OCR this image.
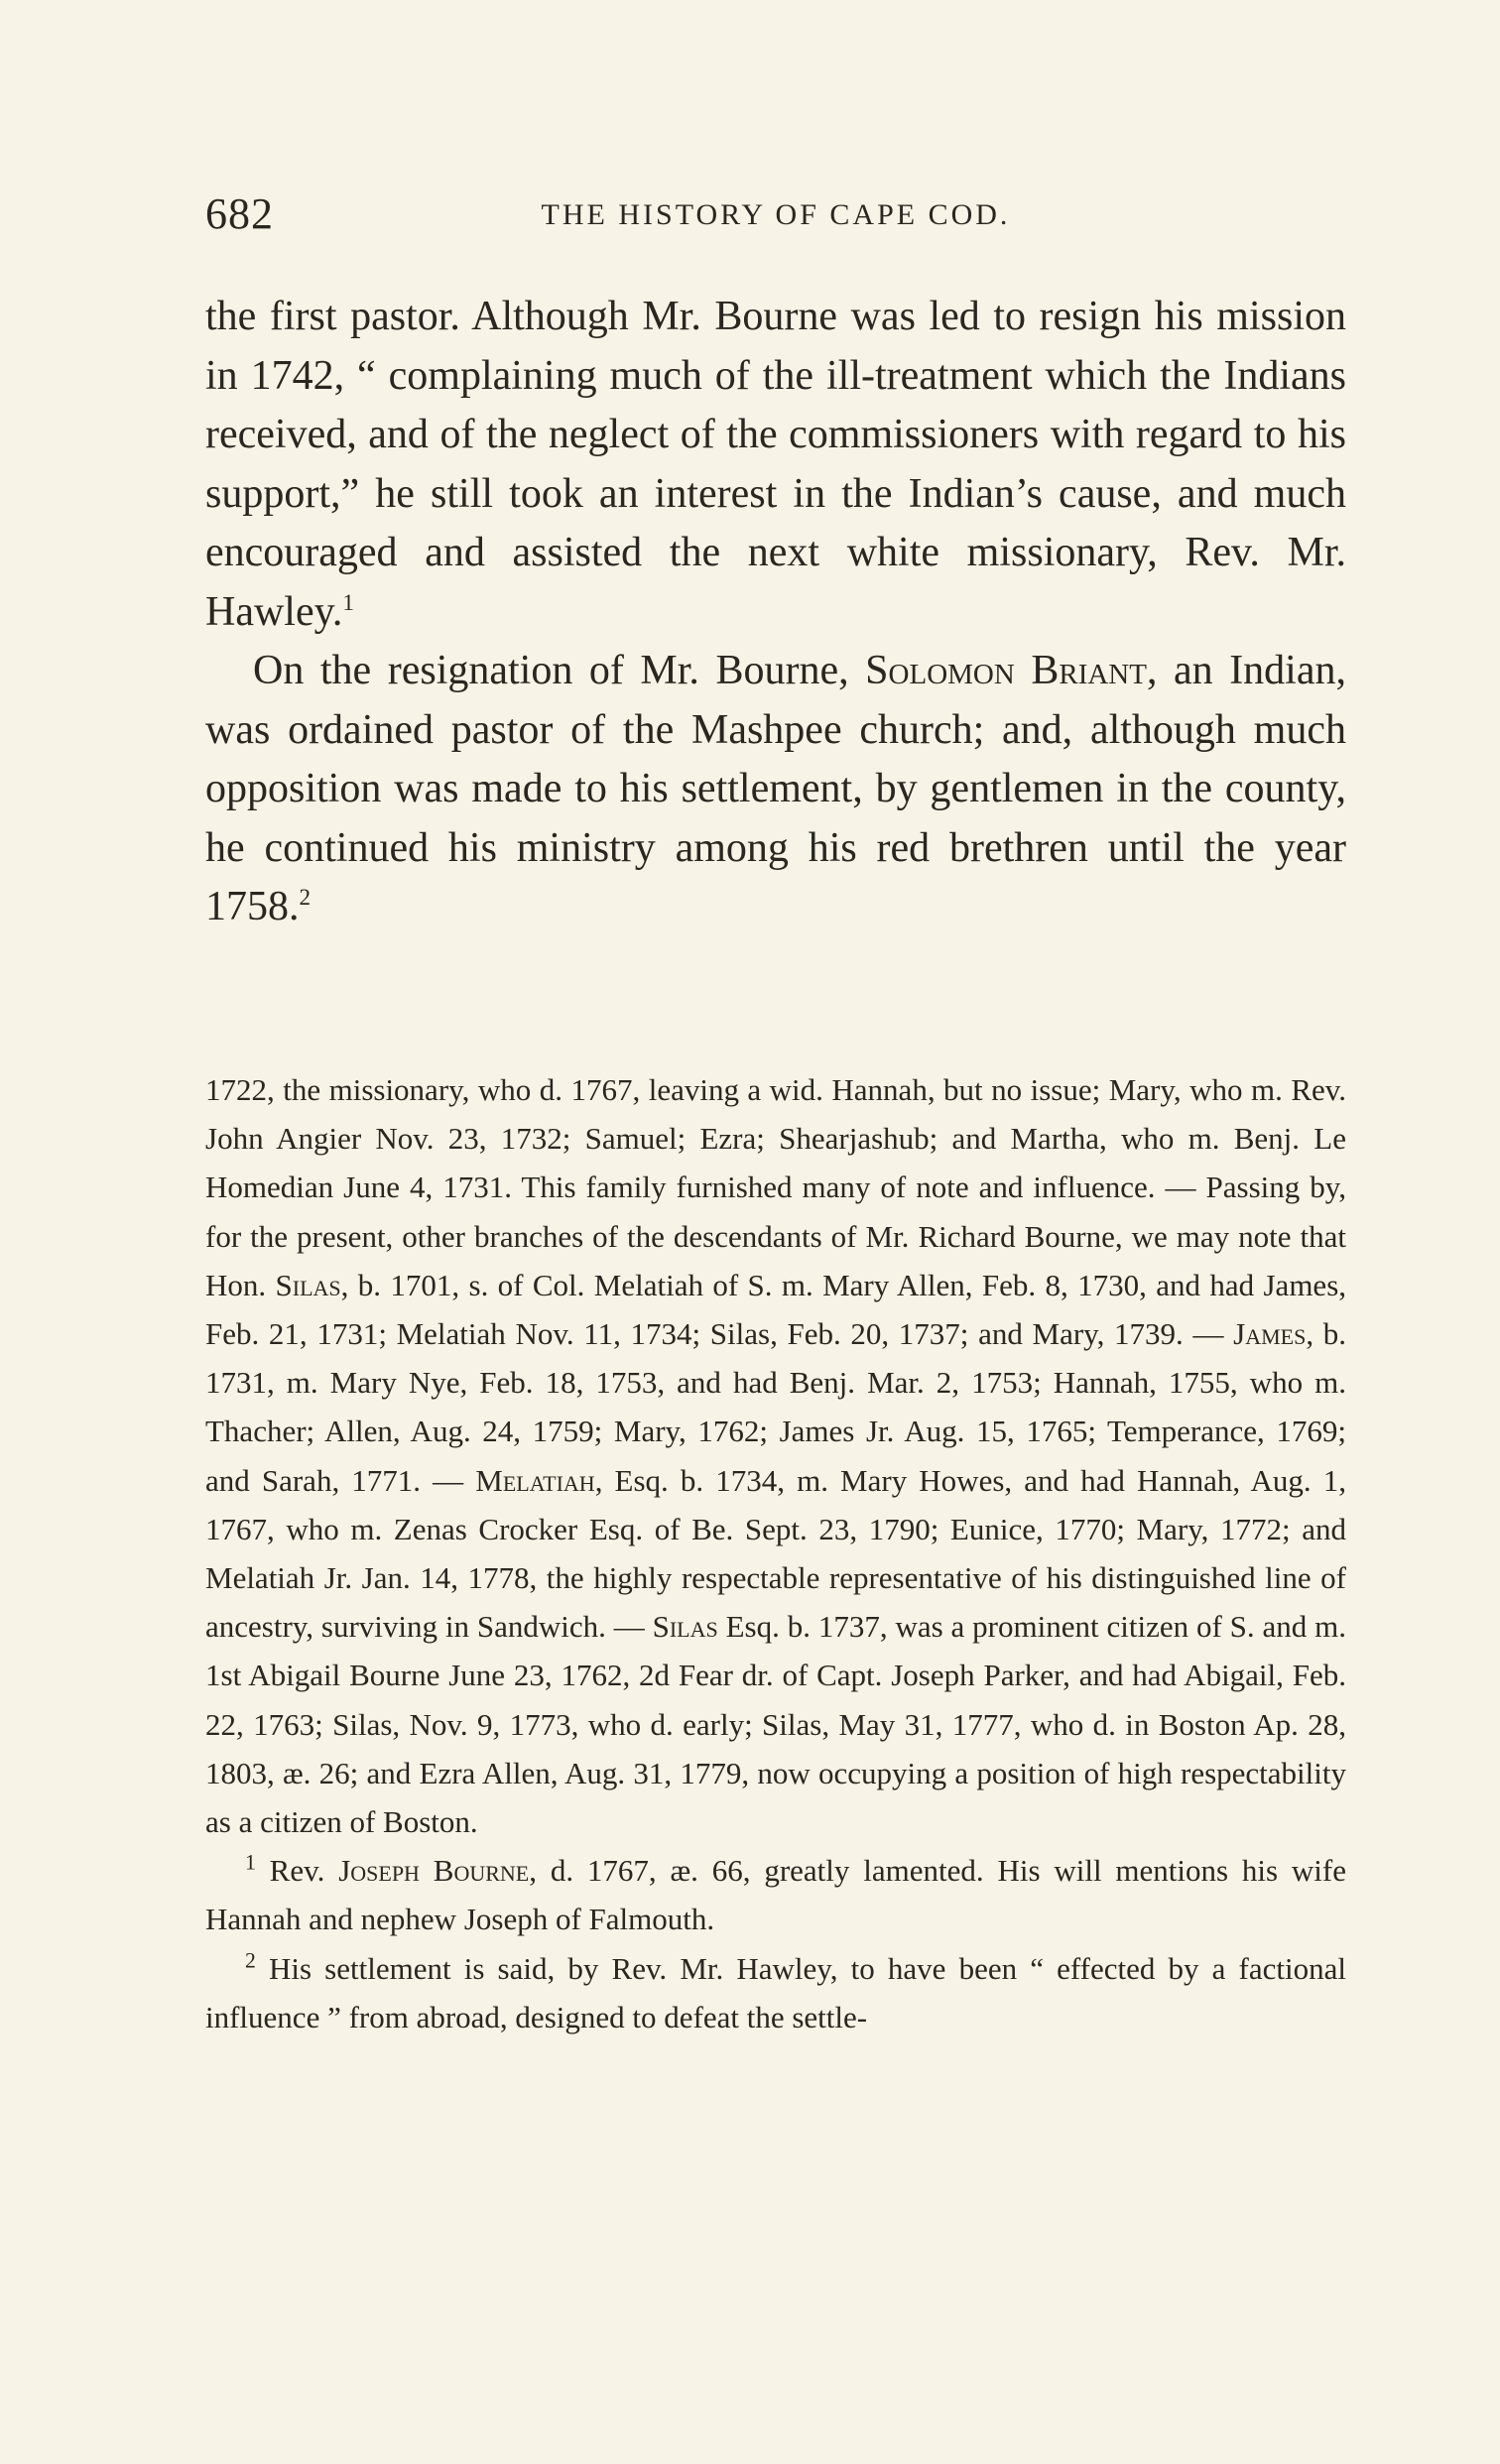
682	THE HISTORY OF CAPE COD.

the first pastor. Although Mr. Bourne was led to resign his mission in 1742, “ complaining much of the ill-treatment which the Indians received, and of the neglect of the commissioners with regard to his support,” he still took an interest in the Indian’s cause, and much encouraged and assisted the next white missionary, Rev. Mr. Hawley.$^1$

On the resignation of Mr. Bourne, Solomon Briant, an Indian, was ordained pastor of the Mashpee church; and, although much opposition was made to his settlement, by gentlemen in the county, he continued his ministry among his red brethren until the year 1758.$^2$

1722, the missionary, who d. 1767, leaving a wid. Hannah, but no issue; Mary, who m. Rev. John Angier Nov. 23, 1732; Samuel; Ezra; Shearjashub; and Martha, who m. Benj. Le Homedian June 4, 1731. This family furnished many of note and influence. — Passing by, for the present, other branches of the descendants of Mr. Richard Bourne, we may note that Hon. Silas, b. 1701, s. of Col. Melatiah of S. m. Mary Allen, Feb. 8, 1730, and had James, Feb. 21, 1731; Melatiah Nov. 11, 1734; Silas, Feb. 20, 1737; and Mary, 1739. — James, b. 1731, m. Mary Nye, Feb. 18, 1753, and had Benj. Mar. 2, 1753; Hannah, 1755, who m. Thacher; Allen, Aug. 24, 1759; Mary, 1762; James Jr. Aug. 15, 1765; Temperance, 1769; and Sarah, 1771. — Melatiah, Esq. b. 1734, m. Mary Howes, and had Hannah, Aug. 1, 1767, who m. Zenas Crocker Esq. of Be. Sept. 23, 1790; Eunice, 1770; Mary, 1772; and Melatiah Jr. Jan. 14, 1778, the highly respectable representative of his distinguished line of ancestry, surviving in Sandwich. — Silas Esq. b. 1737, was a prominent citizen of S. and m. 1st Abigail Bourne June 23, 1762, 2d Fear dr. of Capt. Joseph Parker, and had Abigail, Feb. 22, 1763; Silas, Nov. 9, 1773, who d. early; Silas, May 31, 1777, who d. in Boston Ap. 28, 1803, æ. 26; and Ezra Allen, Aug. 31, 1779, now occupying a position of high respectability as a citizen of Boston.

$^1$ Rev. Joseph Bourne, d. 1767, æ. 66, greatly lamented. His will mentions his wife Hannah and nephew Joseph of Falmouth.

$^2$ His settlement is said, by Rev. Mr. Hawley, to have been “ effected by a factional influence ” from abroad, designed to defeat the settle-
